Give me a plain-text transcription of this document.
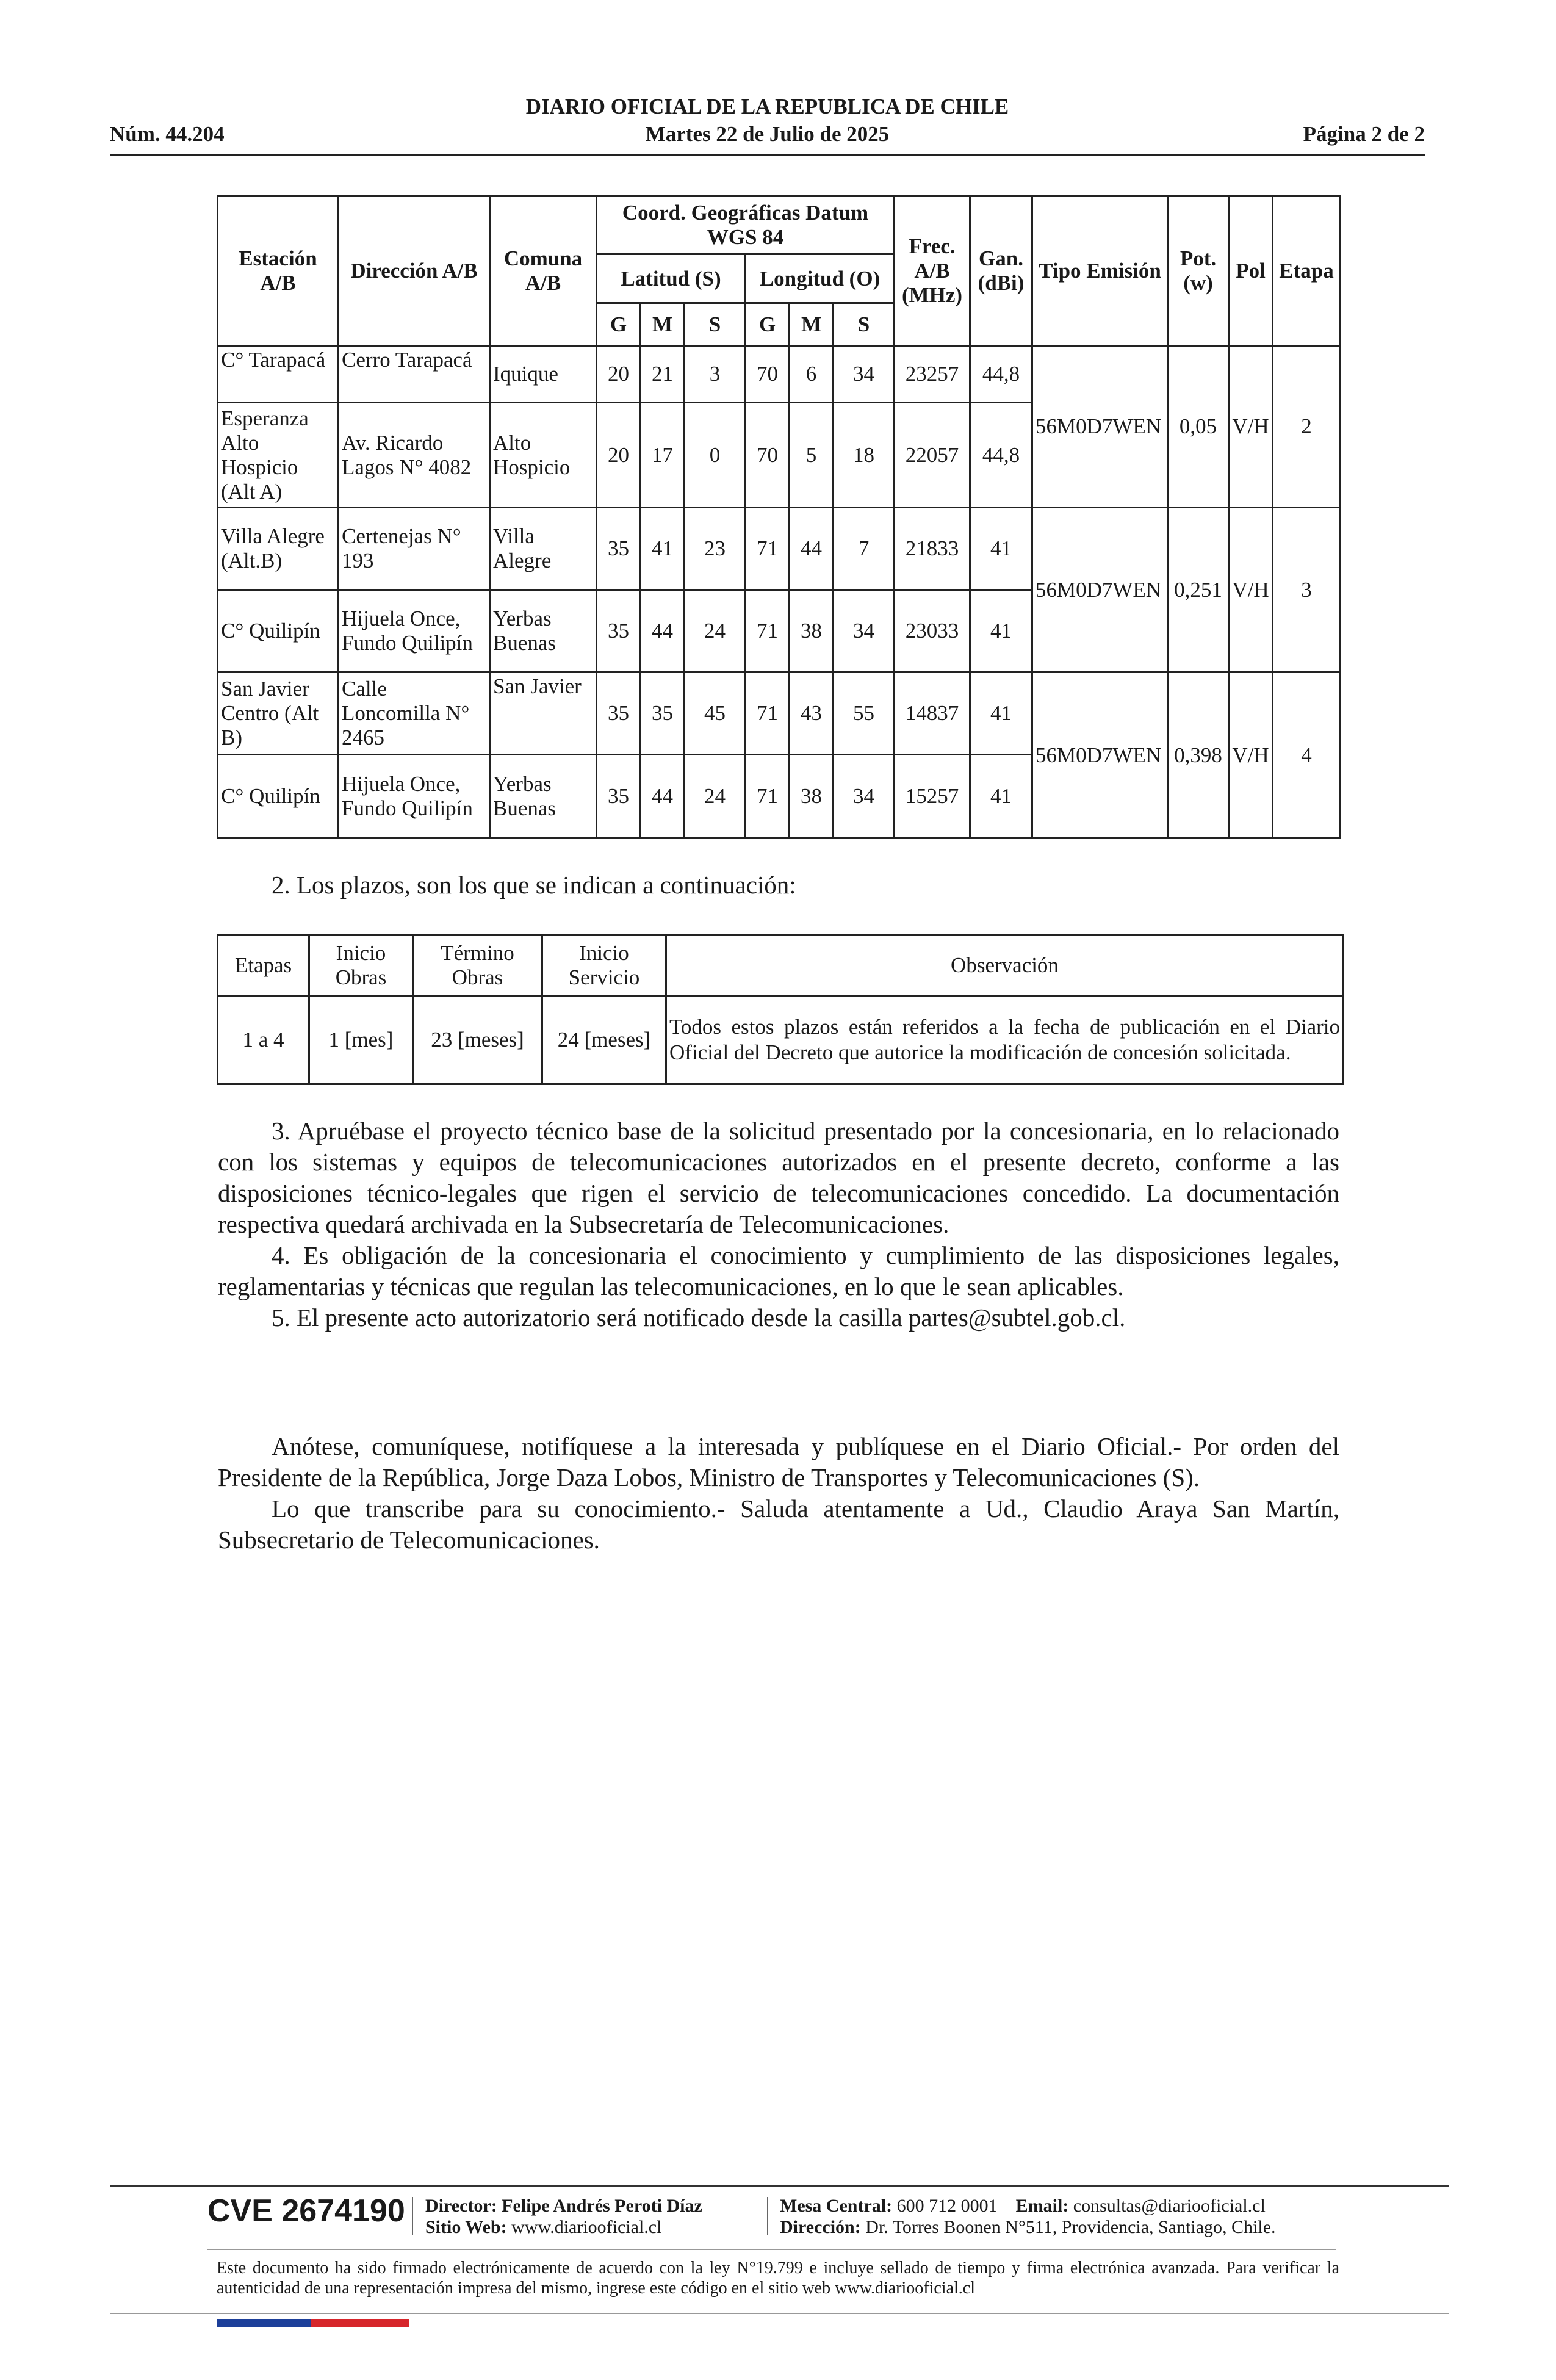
DIARIO OFICIAL DE LA REPUBLICA DE CHILE
Núm. 44.204	Martes 22 de Julio de 2025	Página 2 de 2
Estación A/B	Dirección A/B	Comuna A/B	Coord. Geográficas Datum WGS 84						Frec. A/B (MHz)	Gan. (dBi)	Tipo Emisión	Pot. (w)	Pol	Etapa
			Latitud (S)			Longitud (O)								
			G	M	S	G	M	S						
C° Tarapacá	Cerro Tarapacá	Iquique	20	21	3	70	6	34	23257	44,8	56M0D7WEN	0,05	V/H	2
Esperanza Alto Hospicio (Alt A)	Av. Ricardo Lagos N° 4082	Alto Hospicio	20	17	0	70	5	18	22057	44,8				
Villa Alegre (Alt.B)	Certenejas N° 193	Villa Alegre	35	41	23	71	44	7	21833	41	56M0D7WEN	0,251	V/H	3
C° Quilipín	Hijuela Once, Fundo Quilipín	Yerbas Buenas	35	44	24	71	38	34	23033	41				
San Javier Centro (Alt B)	Calle Loncomilla N° 2465	San Javier	35	35	45	71	43	55	14837	41	56M0D7WEN	0,398	V/H	4
C° Quilipín	Hijuela Once, Fundo Quilipín	Yerbas Buenas	35	44	24	71	38	34	15257	41				

2. Los plazos, son los que se indican a continuación:

Etapas	Inicio Obras	Término Obras	Inicio Servicio	Observación
1 a 4	1 [mes]	23 [meses]	24 [meses]	Todos estos plazos están referidos a la fecha de publicación en el Diario Oficial del Decreto que autorice la modificación de concesión solicitada.

3. Apruébase el proyecto técnico base de la solicitud presentado por la concesionaria, en lo relacionado con los sistemas y equipos de telecomunicaciones autorizados en el presente decreto, conforme a las disposiciones técnico-legales que rigen el servicio de telecomunicaciones concedido. La documentación respectiva quedará archivada en la Subsecretaría de Telecomunicaciones.

4. Es obligación de la concesionaria el conocimiento y cumplimiento de las disposiciones legales, reglamentarias y técnicas que regulan las telecomunicaciones, en lo que le sean aplicables.

5. El presente acto autorizatorio será notificado desde la casilla partes@subtel.gob.cl.

Anótese, comuníquese, notifíquese a la interesada y publíquese en el Diario Oficial.- Por orden del Presidente de la República, Jorge Daza Lobos, Ministro de Transportes y Telecomunicaciones (S).

Lo que transcribe para su conocimiento.- Saluda atentamente a Ud., Claudio Araya San Martín, Subsecretario de Telecomunicaciones.

CVE 2674190 Director: Felipe Andrés Peroti Díaz
Sitio Web: www.diariooficial.cl
Mesa Central: 600 712 0001 Email: consultas@diariooficial.cl
Dirección: Dr. Torres Boonen N°511, Providencia, Santiago, Chile.
Este documento ha sido firmado electrónicamente de acuerdo con la ley N°19.799 e incluye sellado de tiempo y firma electrónica avanzada. Para verificar la autenticidad de una representación impresa del mismo, ingrese este código en el sitio web www.diariooficial.cl
